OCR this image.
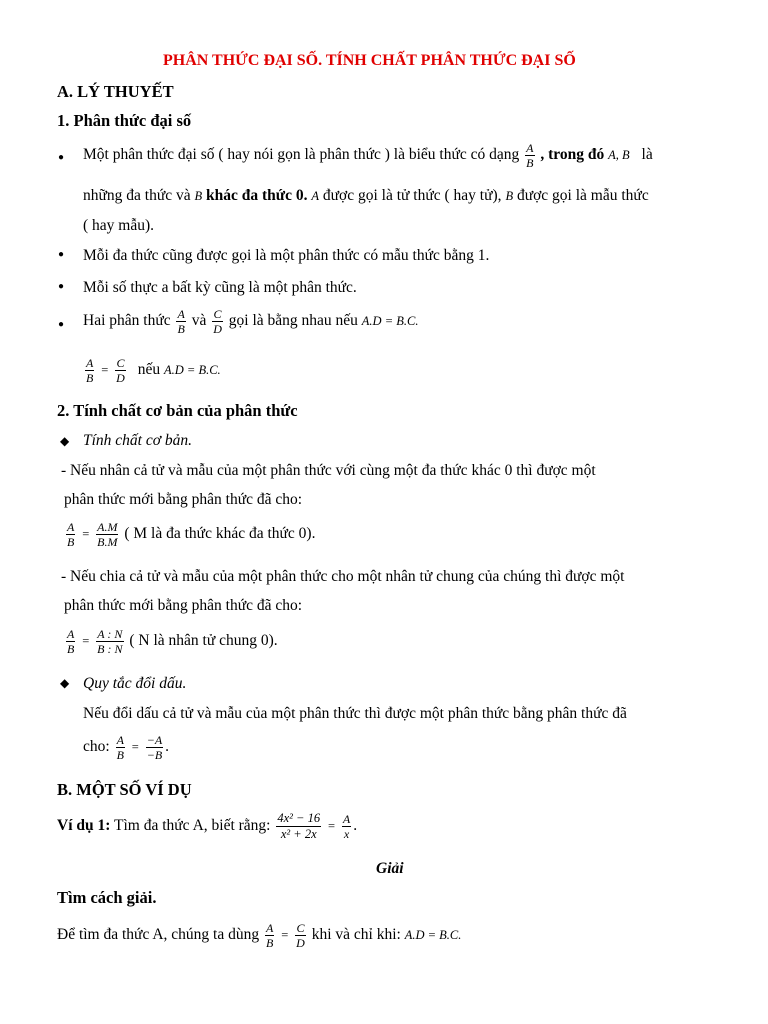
PHÂN THỨC ĐẠI SỐ. TÍNH CHẤT PHÂN THỨC ĐẠI SỐ
A. LÝ THUYẾT
1. Phân thức đại số
● Một phân thức đại số ( hay nói gọn là phân thức ) là biểu thức có dạng $\frac{A}{B}$ , trong đó A, B là
những đa thức và B khác đa thức 0. A được gọi là tử thức ( hay tử), B được gọi là mẫu thức
( hay mẫu).
● Mỗi đa thức cũng được gọi là một phân thức có mẫu thức bằng 1.
● Mỗi số thực a bất kỳ cũng là một phân thức.
● Hai phân thức $\frac{A}{B}$ và $\frac{C}{D}$ gọi là bằng nhau nếu A.D = B.C.
$\frac{A}{B} = \frac{C}{D}$ nếu A.D = B.C.
2. Tính chất cơ bản của phân thức
◆ Tính chất cơ bản.
- Nếu nhân cả tử và mẫu của một phân thức với cùng một đa thức khác 0 thì được một
phân thức mới bằng phân thức đã cho:
$\frac{A}{B} = \frac{A.M}{B.M}$ ( M là đa thức khác đa thức 0).
- Nếu chia cả tử và mẫu của một phân thức cho một nhân tử chung của chúng thì được một
phân thức mới bằng phân thức đã cho:
$\frac{A}{B} = \frac{A : N}{B : N}$ ( N là nhân tử chung 0).
◆ Quy tắc đổi dấu.
Nếu đổi dấu cả tử và mẫu của một phân thức thì được một phân thức bằng phân thức đã
cho: $\frac{A}{B} = \frac{-A}{-B}$ .
B. MỘT SỐ VÍ DỤ
Ví dụ 1: Tìm đa thức A, biết rằng: $\frac{\text{4x² − 16}}{\text{x² + 2x}} = \frac{A}{x}$ .
Giải
Tìm cách giải.
Để tìm đa thức A, chúng ta dùng $\frac{A}{B} = \frac{C}{D}$ khi và chỉ khi: A.D = B.C.
